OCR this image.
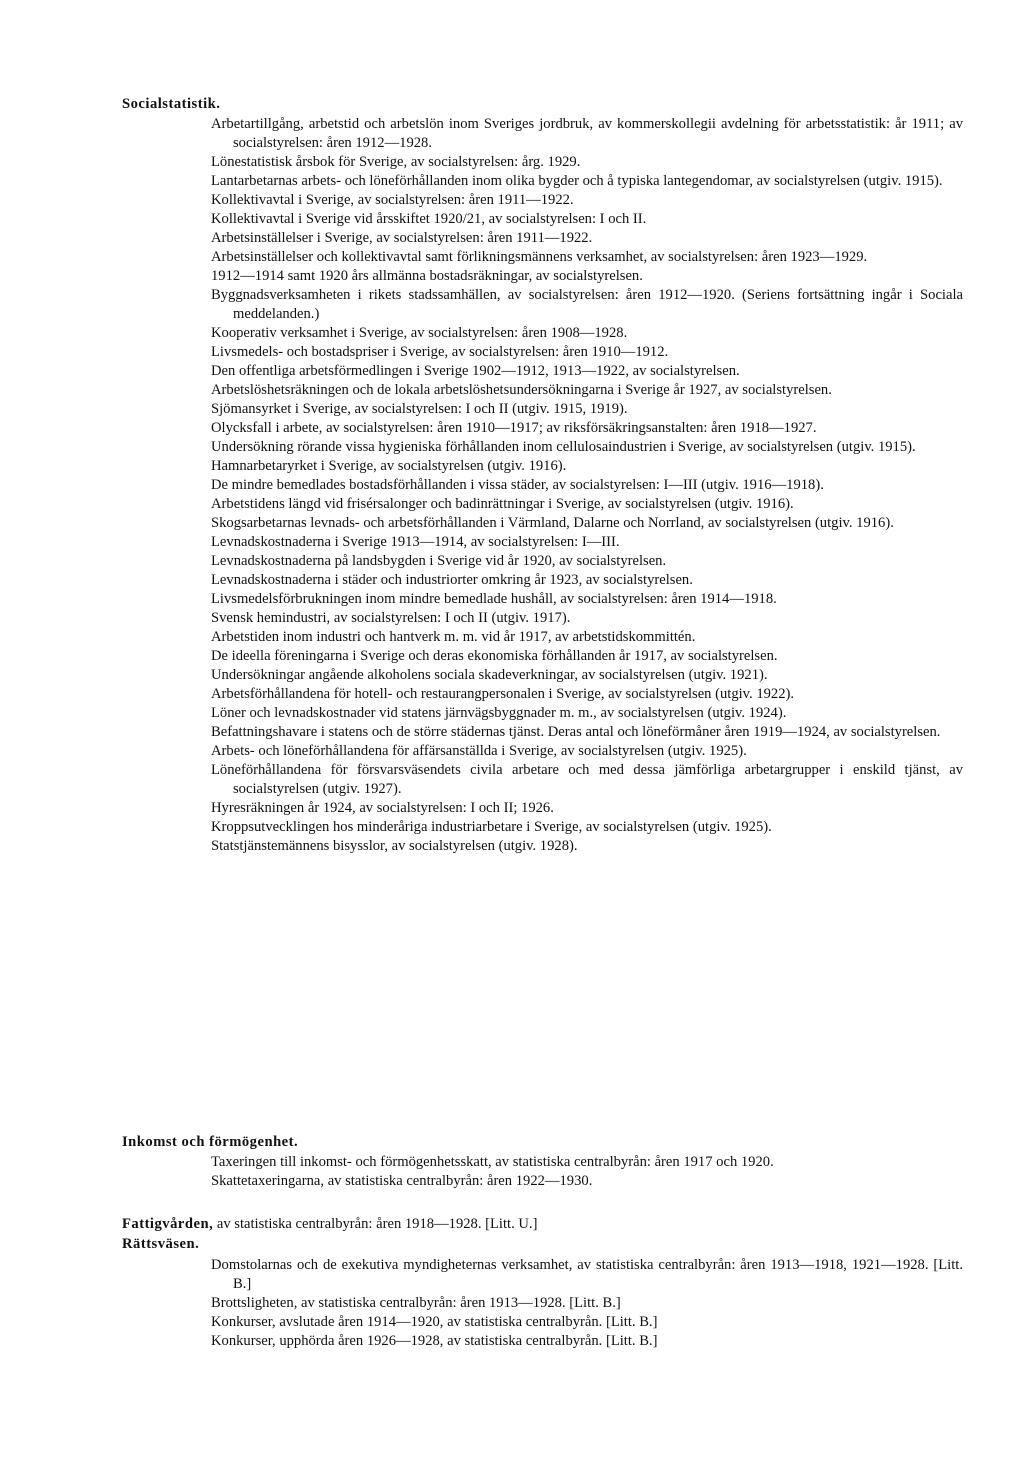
Socialstatistik.

Arbetartillgång, arbetstid och arbetslön inom Sveriges jordbruk, av kommerskollegii avdelning för arbetsstatistik: år 1911; av socialstyrelsen: åren 1912—1928.

Lönestatistisk årsbok för Sverige, av socialstyrelsen: årg. 1929.

Lantarbetarnas arbets- och löneförhållanden inom olika bygder och å typiska lantegendomar, av socialstyrelsen (utgiv. 1915).

Kollektivavtal i Sverige, av socialstyrelsen: åren 1911—1922.

Kollektivavtal i Sverige vid årsskiftet 1920/21, av socialstyrelsen: I och II.

Arbetsinställelser i Sverige, av socialstyrelsen: åren 1911—1922.

Arbetsinställelser och kollektivavtal samt förlikningsmännens verksamhet, av socialstyrelsen: åren 1923—1929.

1912—1914 samt 1920 års allmänna bostadsräkningar, av socialstyrelsen.

Byggnadsverksamheten i rikets stadssamhällen, av socialstyrelsen: åren 1912—1920. (Seriens fortsättning ingår i Sociala meddelanden.)

Kooperativ verksamhet i Sverige, av socialstyrelsen: åren 1908—1928.

Livsmedels- och bostadspriser i Sverige, av socialstyrelsen: åren 1910—1912.

Den offentliga arbetsförmedlingen i Sverige 1902—1912, 1913—1922, av socialstyrelsen.

Arbetslöshetsräkningen och de lokala arbetslöshetsundersökningarna i Sverige år 1927, av socialstyrelsen.

Sjömansyrket i Sverige, av socialstyrelsen: I och II (utgiv. 1915, 1919).

Olycksfall i arbete, av socialstyrelsen: åren 1910—1917; av riksförsäkringsanstalten: åren 1918—1927.

Undersökning rörande vissa hygieniska förhållanden inom cellulosaindustrien i Sverige, av socialstyrelsen (utgiv. 1915).

Hamnarbetaryrket i Sverige, av socialstyrelsen (utgiv. 1916).

De mindre bemedlades bostadsförhållanden i vissa städer, av socialstyrelsen: I—III (utgiv. 1916—1918).

Arbetstidens längd vid frisérsalonger och badinrättningar i Sverige, av socialstyrelsen (utgiv. 1916).

Skogsarbetarnas levnads- och arbetsförhållanden i Värmland, Dalarne och Norrland, av socialstyrelsen (utgiv. 1916).

Levnadskostnaderna i Sverige 1913—1914, av socialstyrelsen: I—III.

Levnadskostnaderna på landsbygden i Sverige vid år 1920, av socialstyrelsen.

Levnadskostnaderna i städer och industriorter omkring år 1923, av socialstyrelsen.

Livsmedelsförbrukningen inom mindre bemedlade hushåll, av socialstyrelsen: åren 1914—1918.

Svensk hemindustri, av socialstyrelsen: I och II (utgiv. 1917).

Arbetstiden inom industri och hantverk m. m. vid år 1917, av arbetstidskommittén.

De ideella föreningarna i Sverige och deras ekonomiska förhållanden år 1917, av socialstyrelsen.

Undersökningar angående alkoholens sociala skadeverkningar, av socialstyrelsen (utgiv. 1921).

Arbetsförhållandena för hotell- och restaurangpersonalen i Sverige, av socialstyrelsen (utgiv. 1922).

Löner och levnadskostnader vid statens järnvägsbyggnader m. m., av socialstyrelsen (utgiv. 1924).

Befattningshavare i statens och de större städernas tjänst. Deras antal och löneförmåner åren 1919—1924, av socialstyrelsen.

Arbets- och löneförhållandena för affärsanställda i Sverige, av socialstyrelsen (utgiv. 1925).

Löneförhållandena för försvarsväsendets civila arbetare och med dessa jämförliga arbetargrupper i enskild tjänst, av socialstyrelsen (utgiv. 1927).

Hyresräkningen år 1924, av socialstyrelsen: I och II; 1926.

Kroppsutvecklingen hos minderåriga industriarbetare i Sverige, av socialstyrelsen (utgiv. 1925).

Statstjänstemännens bisysslor, av socialstyrelsen (utgiv. 1928).

Inkomst och förmögenhet.

Taxeringen till inkomst- och förmögenhetsskatt, av statistiska centralbyrån: åren 1917 och 1920.

Skattetaxeringarna, av statistiska centralbyrån: åren 1922—1930.

Fattigvården, av statistiska centralbyrån: åren 1918—1928. [Litt. U.]
Rättsväsen.

Domstolarnas och de exekutiva myndigheternas verksamhet, av statistiska centralbyrån: åren 1913—1918, 1921—1928. [Litt. B.]

Brottsligheten, av statistiska centralbyrån: åren 1913—1928. [Litt. B.]

Konkurser, avslutade åren 1914—1920, av statistiska centralbyrån. [Litt. B.]

Konkurser, upphörda åren 1926—1928, av statistiska centralbyrån. [Litt. B.]
